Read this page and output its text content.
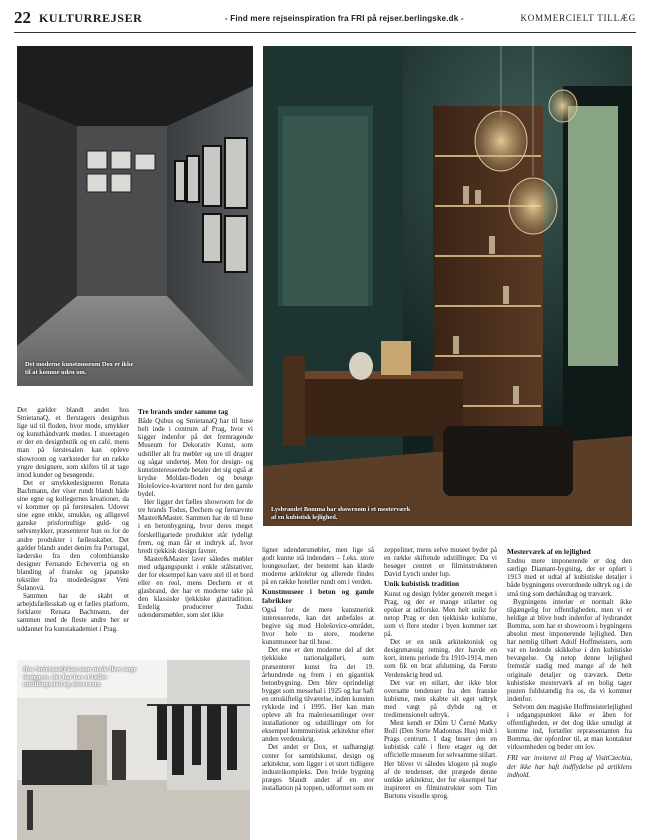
22 KULTURREJSER	- Find mere rejseinspiration fra FRI på rejser.berlingske.dk -	KOMMERCIELT TILLÆG
Det moderne kunstmuseum Dox er ikke til at komme uden om.
Lysbrandet Bomma har showroom i et mesterværk af en kubistisk lejlighed.
Hos SmietanaQ kan man mode flere unge designere, der har bar et fælles udstillingssted og showroom.

Det gælder blandt andet hos SmietanaQ, et flerstagers designhus lige ud til floden, hvor mode, smykker og kunsthåndværk mødes. I stueetagen er der en designbutik og en café, mens man på førstesalen kan opleve showroom og værksteder for en række yngre designere, som skiftes til at tage imod kunder og besøgende.

Det er smykkedesigneren Renata Bachmann, der viser rundt blandt både sine egne og kollegernes kreationer, da vi kommer op på førstesalen. Udover sine egne enkle, smukke, og alligevel ganske prisfornuftige guld- og sølvsmykker, præsenterer hun os for de andre produkter i fællesskabet. Det gælder blandt andet denim fra Portugal, lædersko fra den colombianske designer Fernando Echeverria og en blanding af franske og japanske tekstiler fra modedesigner Veni Šulanová.

Sammen har de skabt et arbejdsfællesskab og et fælles platform, forklarer Renata Bachmann, der sammen med de fleste andre her er uddannet fra kunstakademiet i Prag.

Tre brands under samme tag

Både Qubus og SmietanaQ har til huse helt inde i centrum af Prag, hvor vi kigger indenfor på det fremragende Museum for Dekorativ Kunst, som udstiller alt fra møbler og ure til dragter og sågar undertøj. Men for design- og kunstinteresserede betaler det sig også at krydse Moldau-floden og besøge Holešovice-kvarteret nord for den gamle bydel.

Her ligger det fælles showroom for de tre brands Todus, Dechem og førnævnte Master&Master. Sammen har de til huse i en betonbygning, hvor deres meget forskelligartede produkter står tydeligt frem, og man får et indtryk af, hvor bredt tjekkisk design favner.

Master&Master laver således møbler med udgangspunkt i enkle stålstativer, der for eksempel kan være stel til et bord eller en reol, mens Dechem er et glasbrand, der har et moderne take på den klassiske tjekkiske glastradition. Endelig producerer Todus udendørsmøbler, som slet ikke

ligner udendørsmøbler, men lige så godt kunne stå indendørs – f.eks. store loungesofaer, der bestemt kan klæde moderne arkitektur og allerede findes på en række hoteller rundt om i verden.

Kunstmuseer i beton og gamle fabrikker

Også for de mere kunstnerisk interesserede, kan det anbefales at begive sig mod Holešovice-området, hvor hele to store, moderne kunstmuseer har til huse.

Det ene er den moderne del af det tjekkiske nationalgalleri, som præsenterer kunst fra det 19. århundrede og frem i en gigantisk betonbygning. Den blev oprindeligt bygget som messehal i 1925 og har haft en omskiftelig tilværelse, inden kunsten rykkede ind i 1995. Her kan man opleve alt fra maleriesamlinger over installationer og udstillinger om for eksempel kommunistisk arkitektur efter anden verdenskrig.

Det andet er Dox, et uafhængigt center for samtidskunst, design og arkitektur, som ligger i et stort tidligere industrikompleks. Den hvide bygning præges blandt andet af en stor installation på toppen, udformet som en

zeppeliner, mens selve museet byder på en række skiftende udstillinger. Da vi besøger centret er filminstruktøren David Lynch under lup.

Unik kubistisk tradition

Kunst og design fylder generelt meget i Prag, og der er mange stilarter og epoker at udforske. Men helt unikt for netop Prag er den tjekkiske kubisme, som vi flere steder i byen kommer tæt på.

Det er en unik arkitektonisk og designmæssig retning, der havde en kort, intens periode fra 1910-1914, men som fik en brat afslutning, da Første Verdenskrig brød ud.

Det var en stilart, der ikke blot oversatte tendenser fra den franske kubisme, men skabte sit eget udtryk med vægt på dybde og et tredimensionelt udtryk.

Mest kendt er Dům U Černé Matky Boží (Den Sorte Madonnas Hus) midt i Prags centrum. I dag huser den en kubistisk café i flere etager og det officielle museum for selvsamme stilart. Her bliver vi således klogere på nogle af de tendenser, der prægede denne unikke arkitektur, der for eksempel har inspireret en filminstruktør som Tim Burtons visuelle sprog.

Mesterværk af en lejlighed

Endnu mere imponerende er dog den særlige Diamant-bygning, der er opført i 1913 med et udtal af kubistiske detaljer i både bygningens overordnede udtryk og i de små ting som dørhåndtag og træværk.

Bygningens interiør er normalt ikke tilgængelig for offentligheden, men vi er heldige at blive budt indenfor af lysbrandet Bomma, som har et showroom i bygningens absolut mest imponerende lejlighed. Den har nemlig tilhørt Adolf Hoffmeisters, som var en ledende skikkelse i den kubistiske bevægelse. Og netop denne lejlighed fremstår stadig med mange af de helt originale detaljer og træværk. Dette kubistiske mesterværk af en bolig tager pusten fuldstændig fra os, da vi kommer indenfor.

Selvom den magiske Hoffmeisterlejlighed i udgangspunktet ikke er åben for offentligheden, er det dog ikke umuligt at komme ind, fortæller repræsentanten fra Bomma, der opfordrer til, at man kontakter virksomheden og beder om lov.

FRI var inviteret til Prag af VisitCzechia, der ikke har haft indflydelse på artiklens indhold.
